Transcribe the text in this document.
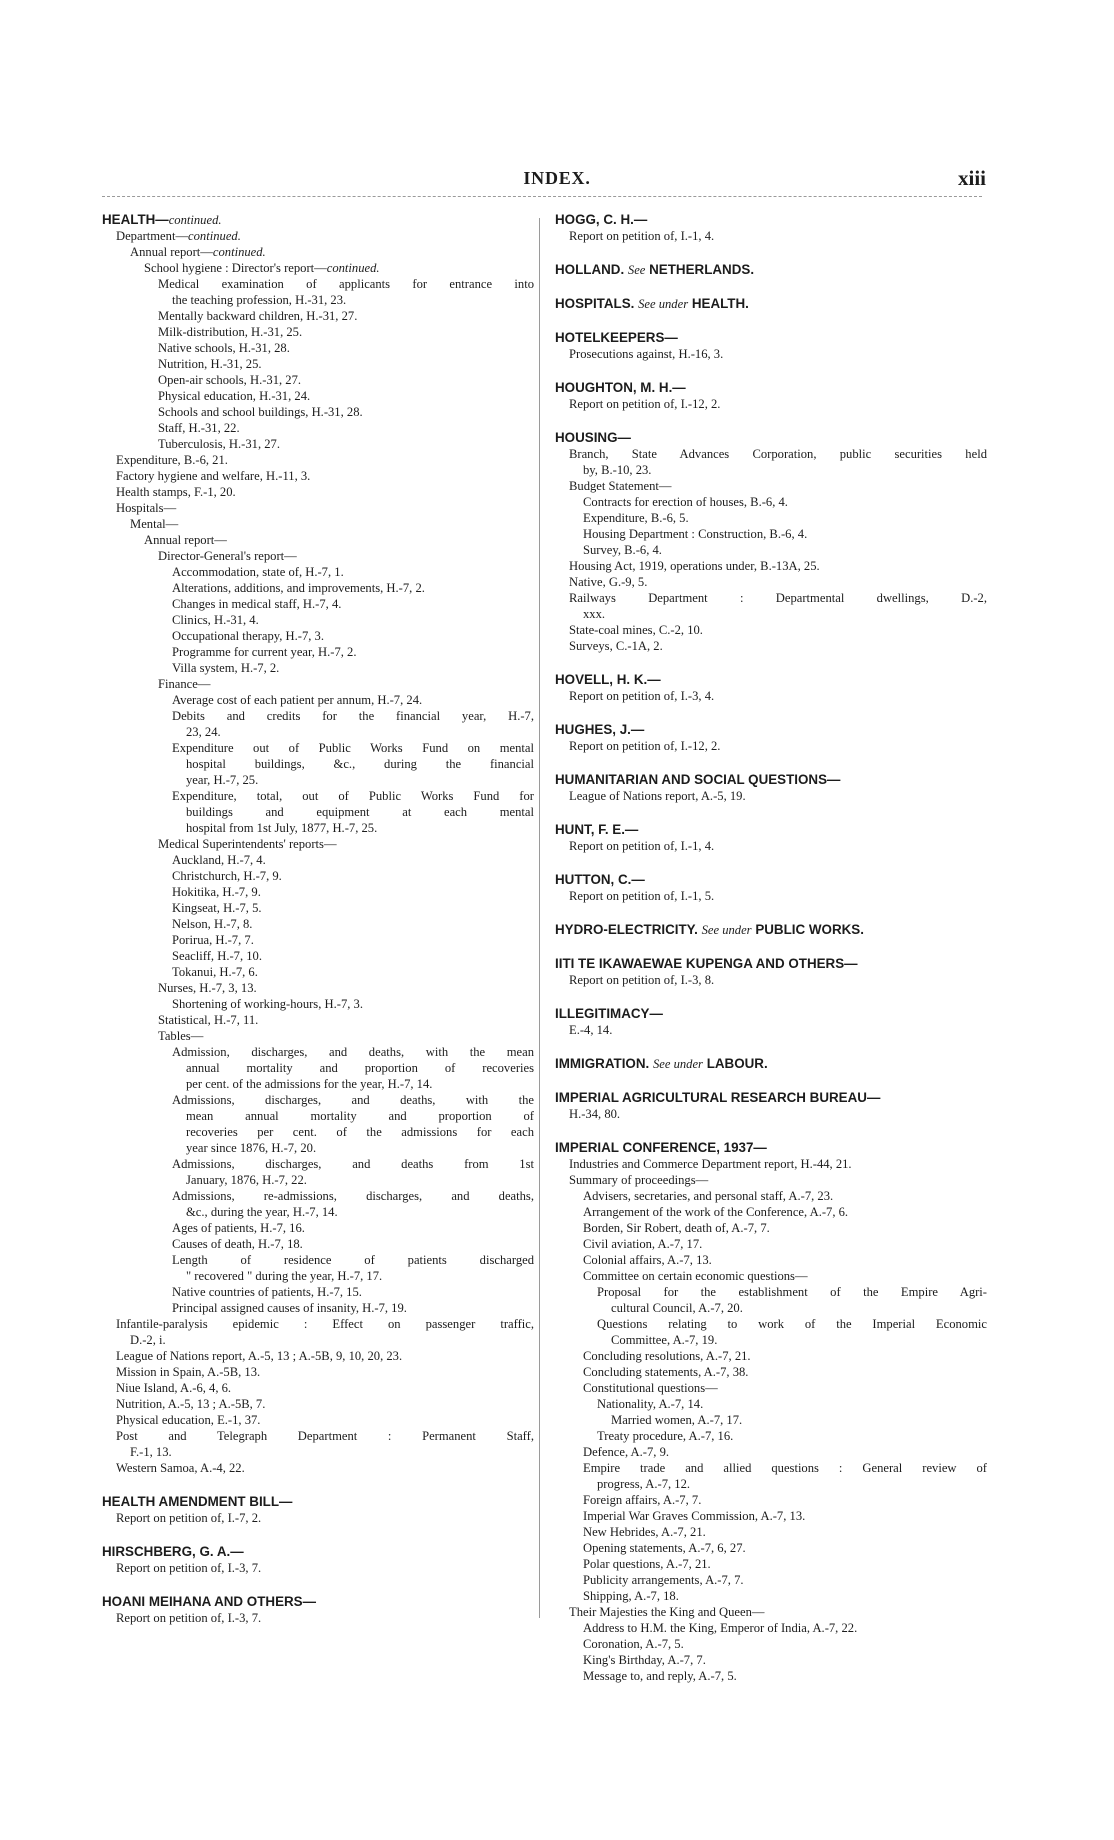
INDEX.	xiii
HEALTH—continued.
Department—continued.
Annual report—continued.
School hygiene : Director's report—continued.
Medical examination of applicants for entrance into
the teaching profession, H.-31, 23.
Mentally backward children, H.-31, 27.
Milk-distribution, H.-31, 25.
Native schools, H.-31, 28.
Nutrition, H.-31, 25.
Open-air schools, H.-31, 27.
Physical education, H.-31, 24.
Schools and school buildings, H.-31, 28.
Staff, H.-31, 22.
Tuberculosis, H.-31, 27.
Expenditure, B.-6, 21.
Factory hygiene and welfare, H.-11, 3.
Health stamps, F.-1, 20.
Hospitals—
Mental—
Annual report—
Director-General's report—
Accommodation, state of, H.-7, 1.
Alterations, additions, and improvements, H.-7, 2.
Changes in medical staff, H.-7, 4.
Clinics, H.-31, 4.
Occupational therapy, H.-7, 3.
Programme for current year, H.-7, 2.
Villa system, H.-7, 2.
Finance—
Average cost of each patient per annum, H.-7, 24.
Debits and credits for the financial year, H.-7,
23, 24.
Expenditure out of Public Works Fund on mental
hospital buildings, &c., during the financial
year, H.-7, 25.
Expenditure, total, out of Public Works Fund for
buildings and equipment at each mental
hospital from 1st July, 1877, H.-7, 25.
Medical Superintendents' reports—
Auckland, H.-7, 4.
Christchurch, H.-7, 9.
Hokitika, H.-7, 9.
Kingseat, H.-7, 5.
Nelson, H.-7, 8.
Porirua, H.-7, 7.
Seacliff, H.-7, 10.
Tokanui, H.-7, 6.
Nurses, H.-7, 3, 13.
Shortening of working-hours, H.-7, 3.
Statistical, H.-7, 11.
Tables—
Admission, discharges, and deaths, with the mean
annual mortality and proportion of recoveries
per cent. of the admissions for the year, H.-7, 14.
Admissions, discharges, and deaths, with the
mean annual mortality and proportion of
recoveries per cent. of the admissions for each
year since 1876, H.-7, 20.
Admissions, discharges, and deaths from 1st
January, 1876, H.-7, 22.
Admissions, re-admissions, discharges, and deaths,
&c., during the year, H.-7, 14.
Ages of patients, H.-7, 16.
Causes of death, H.-7, 18.
Length of residence of patients discharged
" recovered " during the year, H.-7, 17.
Native countries of patients, H.-7, 15.
Principal assigned causes of insanity, H.-7, 19.
Infantile-paralysis epidemic : Effect on passenger traffic,
D.-2, i.
League of Nations report, A.-5, 13 ; A.-5B, 9, 10, 20, 23.
Mission in Spain, A.-5B, 13.
Niue Island, A.-6, 4, 6.
Nutrition, A.-5, 13 ; A.-5B, 7.
Physical education, E.-1, 37.
Post and Telegraph Department : Permanent Staff,
F.-1, 13.
Western Samoa, A.-4, 22.
HEALTH AMENDMENT BILL—
Report on petition of, I.-7, 2.
HIRSCHBERG, G. A.—
Report on petition of, I.-3, 7.
HOANI MEIHANA AND OTHERS—
Report on petition of, I.-3, 7.
HOGG, C. H.—
Report on petition of, I.-1, 4.
HOLLAND. See NETHERLANDS.
HOSPITALS. See under HEALTH.
HOTELKEEPERS—
Prosecutions against, H.-16, 3.
HOUGHTON, M. H.—
Report on petition of, I.-12, 2.
HOUSING—
Branch, State Advances Corporation, public securities held
by, B.-10, 23.
Budget Statement—
Contracts for erection of houses, B.-6, 4.
Expenditure, B.-6, 5.
Housing Department : Construction, B.-6, 4.
Survey, B.-6, 4.
Housing Act, 1919, operations under, B.-13A, 25.
Native, G.-9, 5.
Railways Department : Departmental dwellings, D.-2,
xxx.
State-coal mines, C.-2, 10.
Surveys, C.-1A, 2.
HOVELL, H. K.—
Report on petition of, I.-3, 4.
HUGHES, J.—
Report on petition of, I.-12, 2.
HUMANITARIAN AND SOCIAL QUESTIONS—
League of Nations report, A.-5, 19.
HUNT, F. E.—
Report on petition of, I.-1, 4.
HUTTON, C.—
Report on petition of, I.-1, 5.
HYDRO-ELECTRICITY. See under PUBLIC WORKS.
IITI TE IKAWAEWAE KUPENGA AND OTHERS—
Report on petition of, I.-3, 8.
ILLEGITIMACY—
E.-4, 14.
IMMIGRATION. See under LABOUR.
IMPERIAL AGRICULTURAL RESEARCH BUREAU—
H.-34, 80.
IMPERIAL CONFERENCE, 1937—
Industries and Commerce Department report, H.-44, 21.
Summary of proceedings—
Advisers, secretaries, and personal staff, A.-7, 23.
Arrangement of the work of the Conference, A.-7, 6.
Borden, Sir Robert, death of, A.-7, 7.
Civil aviation, A.-7, 17.
Colonial affairs, A.-7, 13.
Committee on certain economic questions—
Proposal for the establishment of the Empire Agri-
cultural Council, A.-7, 20.
Questions relating to work of the Imperial Economic
Committee, A.-7, 19.
Concluding resolutions, A.-7, 21.
Concluding statements, A.-7, 38.
Constitutional questions—
Nationality, A.-7, 14.
Married women, A.-7, 17.
Treaty procedure, A.-7, 16.
Defence, A.-7, 9.
Empire trade and allied questions : General review of
progress, A.-7, 12.
Foreign affairs, A.-7, 7.
Imperial War Graves Commission, A.-7, 13.
New Hebrides, A.-7, 21.
Opening statements, A.-7, 6, 27.
Polar questions, A.-7, 21.
Publicity arrangements, A.-7, 7.
Shipping, A.-7, 18.
Their Majesties the King and Queen—
Address to H.M. the King, Emperor of India, A.-7, 22.
Coronation, A.-7, 5.
King's Birthday, A.-7, 7.
Message to, and reply, A.-7, 5.
